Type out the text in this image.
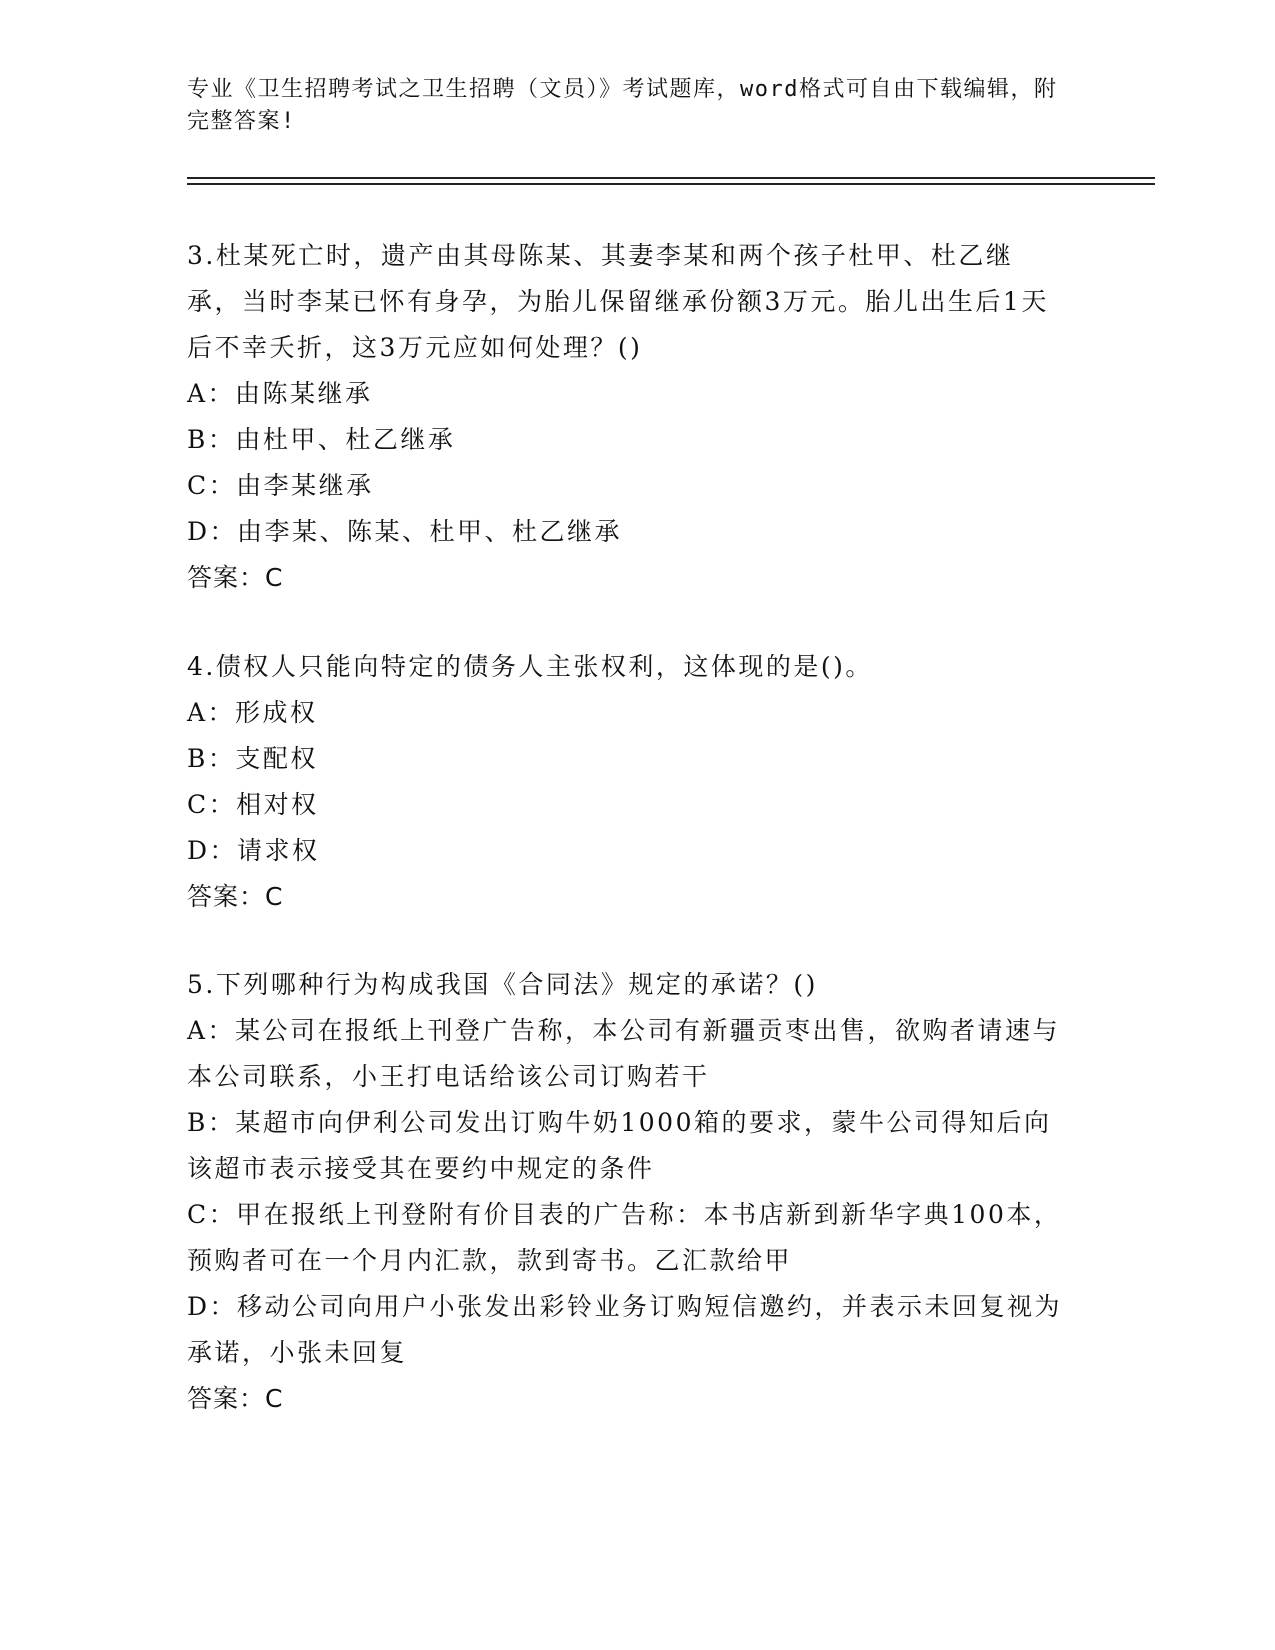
专业《卫生招聘考试之卫生招聘（文员）》考试题库，word格式可自由下载编辑，附完整答案!

3.杜某死亡时，遗产由其母陈某、其妻李某和两个孩子杜甲、杜乙继承，当时李某已怀有身孕，为胎儿保留继承份额3万元。胎儿出生后1天后不幸夭折，这3万元应如何处理？()

A：由陈某继承

B：由杜甲、杜乙继承

C：由李某继承

D：由李某、陈某、杜甲、杜乙继承

答案：C

4.债权人只能向特定的债务人主张权利，这体现的是()。

A：形成权

B：支配权

C：相对权

D：请求权

答案：C

5.下列哪种行为构成我国《合同法》规定的承诺？()

A：某公司在报纸上刊登广告称，本公司有新疆贡枣出售，欲购者请速与本公司联系，小王打电话给该公司订购若干

B：某超市向伊利公司发出订购牛奶1000箱的要求，蒙牛公司得知后向该超市表示接受其在要约中规定的条件

C：甲在报纸上刊登附有价目表的广告称：本书店新到新华字典100本，预购者可在一个月内汇款，款到寄书。乙汇款给甲

D：移动公司向用户小张发出彩铃业务订购短信邀约，并表示未回复视为承诺，小张未回复

答案：C
